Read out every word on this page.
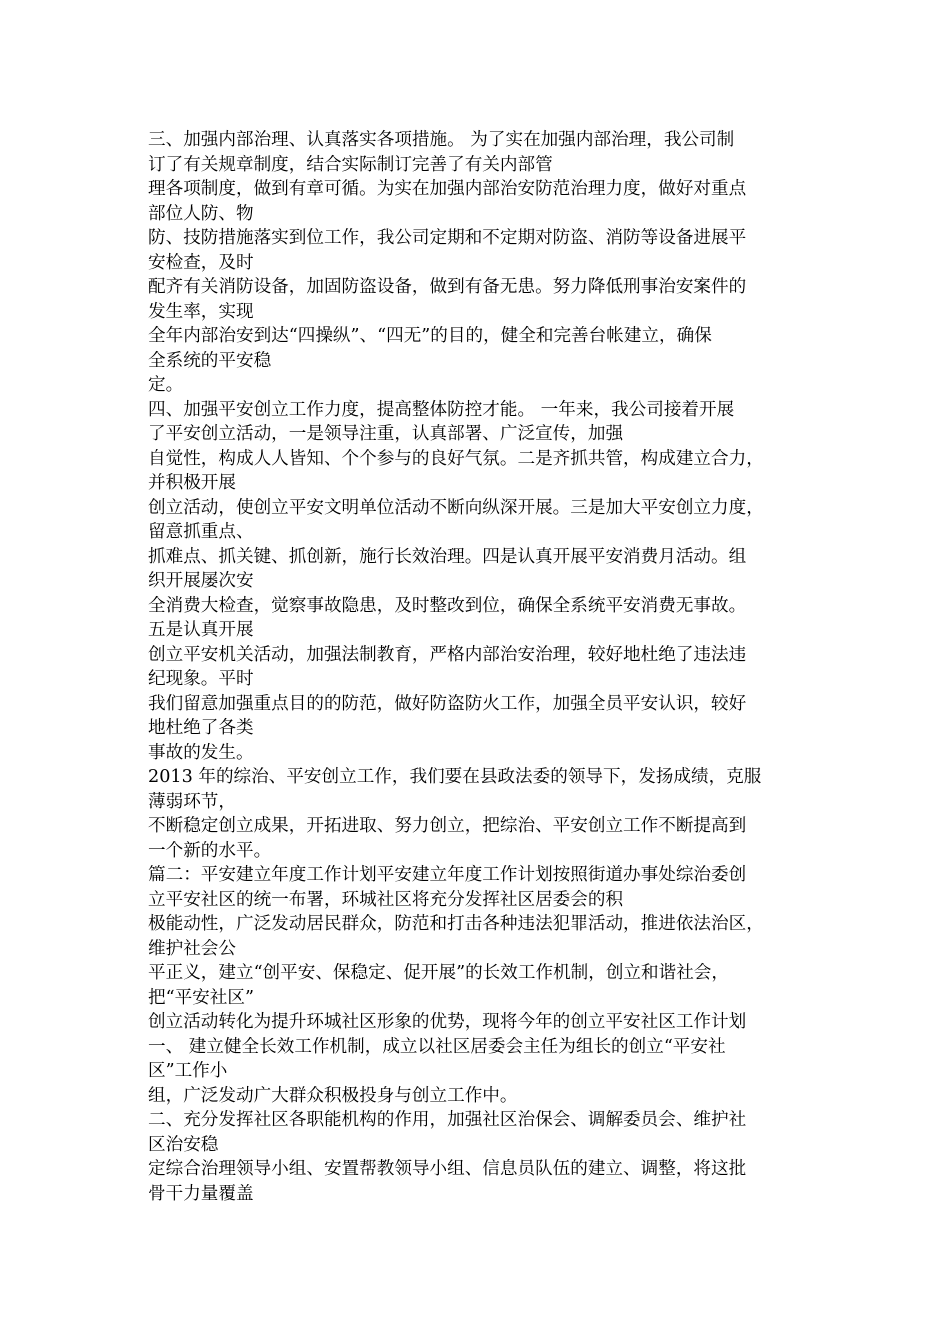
三、加强内部治理、认真落实各项措施。 为了实在加强内部治理，我公司制
订了有关规章制度，结合实际制订完善了有关内部管
理各项制度，做到有章可循。为实在加强内部治安防范治理力度，做好对重点
部位人防、物
防、技防措施落实到位工作，我公司定期和不定期对防盗、消防等设备进展平
安检查，及时
配齐有关消防设备，加固防盗设备，做到有备无患。努力降低刑事治安案件的
发生率，实现
全年内部治安到达“四操纵”、“四无”的目的，健全和完善台帐建立，确保
全系统的平安稳
定。
四、加强平安创立工作力度，提高整体防控才能。 一年来，我公司接着开展
了平安创立活动，一是领导注重，认真部署、广泛宣传，加强
自觉性，构成人人皆知、个个参与的良好气氛。二是齐抓共管，构成建立合力，
并积极开展
创立活动，使创立平安文明单位活动不断向纵深开展。三是加大平安创立力度，
留意抓重点、
抓难点、抓关键、抓创新，施行长效治理。四是认真开展平安消费月活动。组
织开展屡次安
全消费大检查，觉察事故隐患，及时整改到位，确保全系统平安消费无事故。
五是认真开展
创立平安机关活动，加强法制教育，严格内部治安治理，较好地杜绝了违法违
纪现象。平时
我们留意加强重点目的的防范，做好防盗防火工作，加强全员平安认识，较好
地杜绝了各类
事故的发生。
2013 年的综治、平安创立工作，我们要在县政法委的领导下，发扬成绩，克服
薄弱环节，
不断稳定创立成果，开拓进取、努力创立，把综治、平安创立工作不断提高到
一个新的水平。
篇二：平安建立年度工作计划平安建立年度工作计划按照街道办事处综治委创
立平安社区的统一布署，环城社区将充分发挥社区居委会的积
极能动性，广泛发动居民群众，防范和打击各种违法犯罪活动，推进依法治区，
维护社会公
平正义，建立“创平安、保稳定、促开展”的长效工作机制，创立和谐社会，
把“平安社区”
创立活动转化为提升环城社区形象的优势，现将今年的创立平安社区工作计划
一、 建立健全长效工作机制，成立以社区居委会主任为组长的创立“平安社
区”工作小
组，广泛发动广大群众积极投身与创立工作中。
二、充分发挥社区各职能机构的作用，加强社区治保会、调解委员会、维护社
区治安稳
定综合治理领导小组、安置帮教领导小组、信息员队伍的建立、调整，将这批
骨干力量覆盖
